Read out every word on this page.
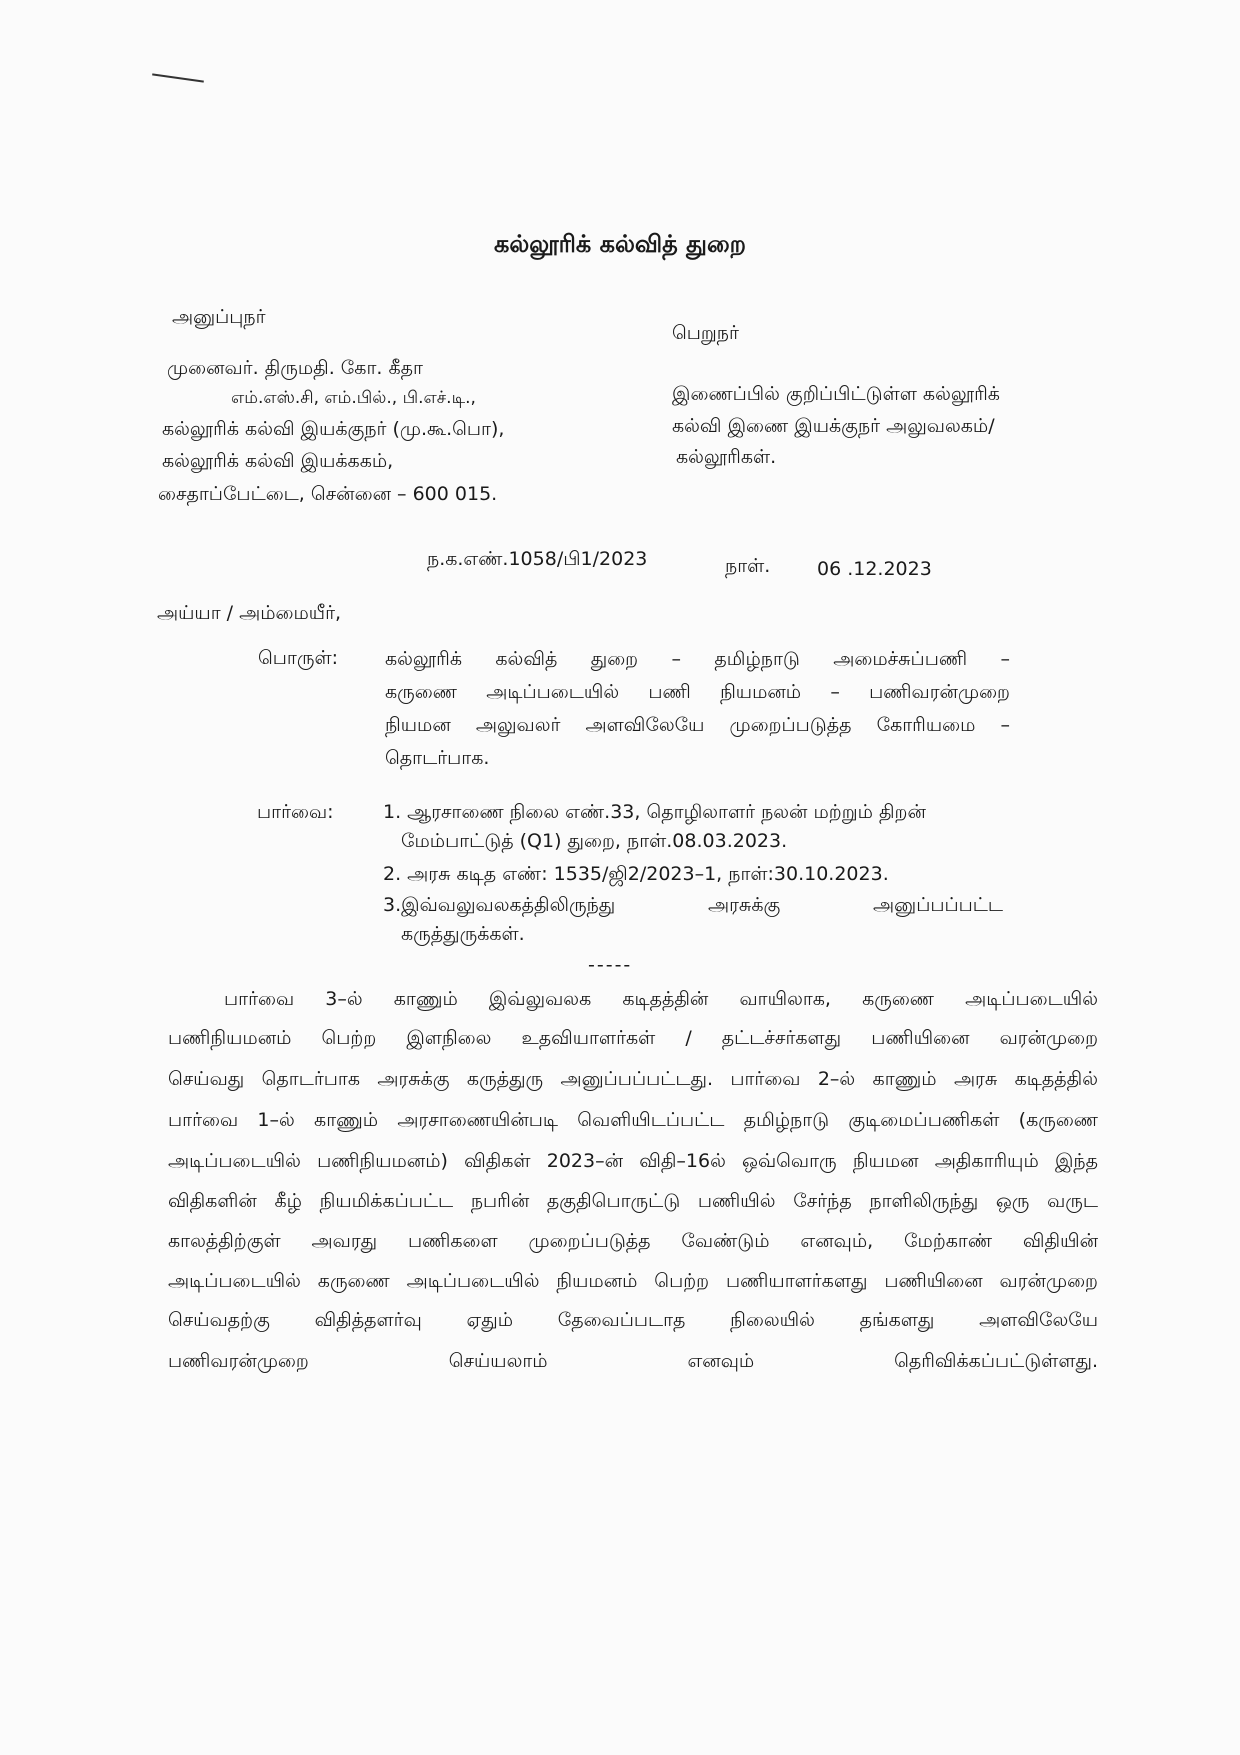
கல்லூரிக் கல்வித் துறை
அனுப்புநர்
பெறுநர்
முனைவர். திருமதி. கோ. கீதா
எம்.எஸ்.சி, எம்.பில்., பி.எச்.டி.,
கல்லூரிக் கல்வி இயக்குநர் (மு.கூ.பொ),
கல்லூரிக் கல்வி இயக்ககம்,
சைதாப்பேட்டை, சென்னை – 600 015.
இணைப்பில் குறிப்பிட்டுள்ள கல்லூரிக்
கல்வி இணை இயக்குநர் அலுவலகம்/
கல்லூரிகள்.
ந.க.எண்.1058/பி1/2023	நாள். 06 .12.2023
அய்யா / அம்மையீர்,
பொருள்: கல்லூரிக் கல்வித் துறை – தமிழ்நாடு அமைச்சுப்பணி –
கருணை அடிப்படையில் பணி நியமனம் – பணிவரன்முறை
நியமன அலுவலர் அளவிலேயே முறைப்படுத்த கோரியமை –
தொடர்பாக.
பார்வை:	1. ஆரசாணை நிலை எண்.33, தொழிலாளர் நலன் மற்றும் திறன்
மேம்பாட்டுத் (Q1) துறை, நாள்.08.03.2023.
2. அரசு கடித எண்: 1535/ஜி2/2023–1, நாள்:30.10.2023.
3.இவ்வலுவலகத்திலிருந்து அரசுக்கு அனுப்பப்பட்ட
கருத்துருக்கள்.
-----
பார்வை 3–ல் காணும் இவ்லுவலக கடிதத்தின் வாயிலாக, கருணை அடிப்படையில்
பணிநியமனம் பெற்ற இளநிலை உதவியாளர்கள் / தட்டச்சர்களது பணியினை வரன்முறை
செய்வது தொடர்பாக அரசுக்கு கருத்துரு அனுப்பப்பட்டது. பார்வை 2–ல் காணும் அரசு கடிதத்தில்
பார்வை 1–ல் காணும் அரசாணையின்படி வெளியிடப்பட்ட தமிழ்நாடு குடிமைப்பணிகள் (கருணை
அடிப்படையில் பணிநியமனம்) விதிகள் 2023–ன் விதி–16ல் ஒவ்வொரு நியமன அதிகாரியும் இந்த
விதிகளின் கீழ் நியமிக்கப்பட்ட நபரின் தகுதிபொருட்டு பணியில் சேர்ந்த நாளிலிருந்து ஒரு வருட
காலத்திற்குள் அவரது பணிகளை முறைப்படுத்த வேண்டும் எனவும், மேற்காண் விதியின்
அடிப்படையில் கருணை அடிப்படையில் நியமனம் பெற்ற பணியாளர்களது பணியினை வரன்முறை
செய்வதற்கு விதித்தளர்வு ஏதும் தேவைப்படாத நிலையில் தங்களது அளவிலேயே
பணிவரன்முறை செய்யலாம் எனவும் தெரிவிக்கப்பட்டுள்ளது.
